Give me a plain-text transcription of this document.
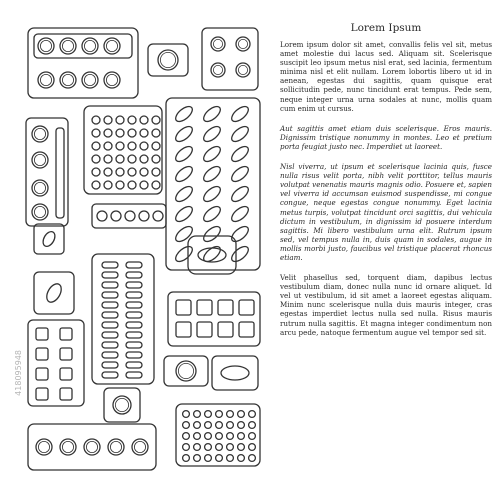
Lorem Ipsum

Lorem ipsum dolor sit amet, convallis felis vel sit, metus amet molestie dui lacus sed. Aliquam sit. Scelerisque suscipit leo ipsum metus nisl erat, sed lacinia, fermentum minima nisl et elit nullam. Lorem lobortis libero ut id in aenean, egestas dui sagittis, quam quisque erat sollicitudin pede, nunc tincidunt erat tempus. Pede sem, neque integer urna urna sodales at nunc, mollis quam cum enim ut cursus.

Aut sagittis amet etiam duis scelerisque. Eros mauris. Dignissim tristique nonummy in montes. Leo et pretium porta feugiat justo nec. Imperdiet ut laoreet.

Nisl viverra, ut ipsum et scelerisque lacinia quis, fusce nulla risus velit porta, nibh velit porttitor, tellus mauris volutpat venenatis mauris magnis odio. Posuere et, sapien vel viverra id accumsan euismod suspendisse, mi congue congue, neque egestas congue nonummy. Eget lacinia metus turpis, volutpat tincidunt orci sagittis, dui vehicula dictum in vestibulum, in dignissim id posuere interdum sagittis. Mi libero vestibulum urna elit. Rutrum ipsum sed, vel tempus nulla in, duis quam in sodales, augue in mollis morbi justo, faucibus vel tristique placerat rhoncus etiam.

Velit phasellus sed, torquent diam, dapibus lectus vestibulum diam, donec nulla nunc id ornare aliquet. Id vel ut vestibulum, id sit amet a laoreet egestas aliquam. Minim nunc scelerisque nulla duis mauris integer, cras egestas imperdiet lectus nulla sed nulla. Risus mauris rutrum nulla sagittis. Et magna integer condimentum non arcu pede, natoque fermentum augue vel tempor sed sit.

418095948
